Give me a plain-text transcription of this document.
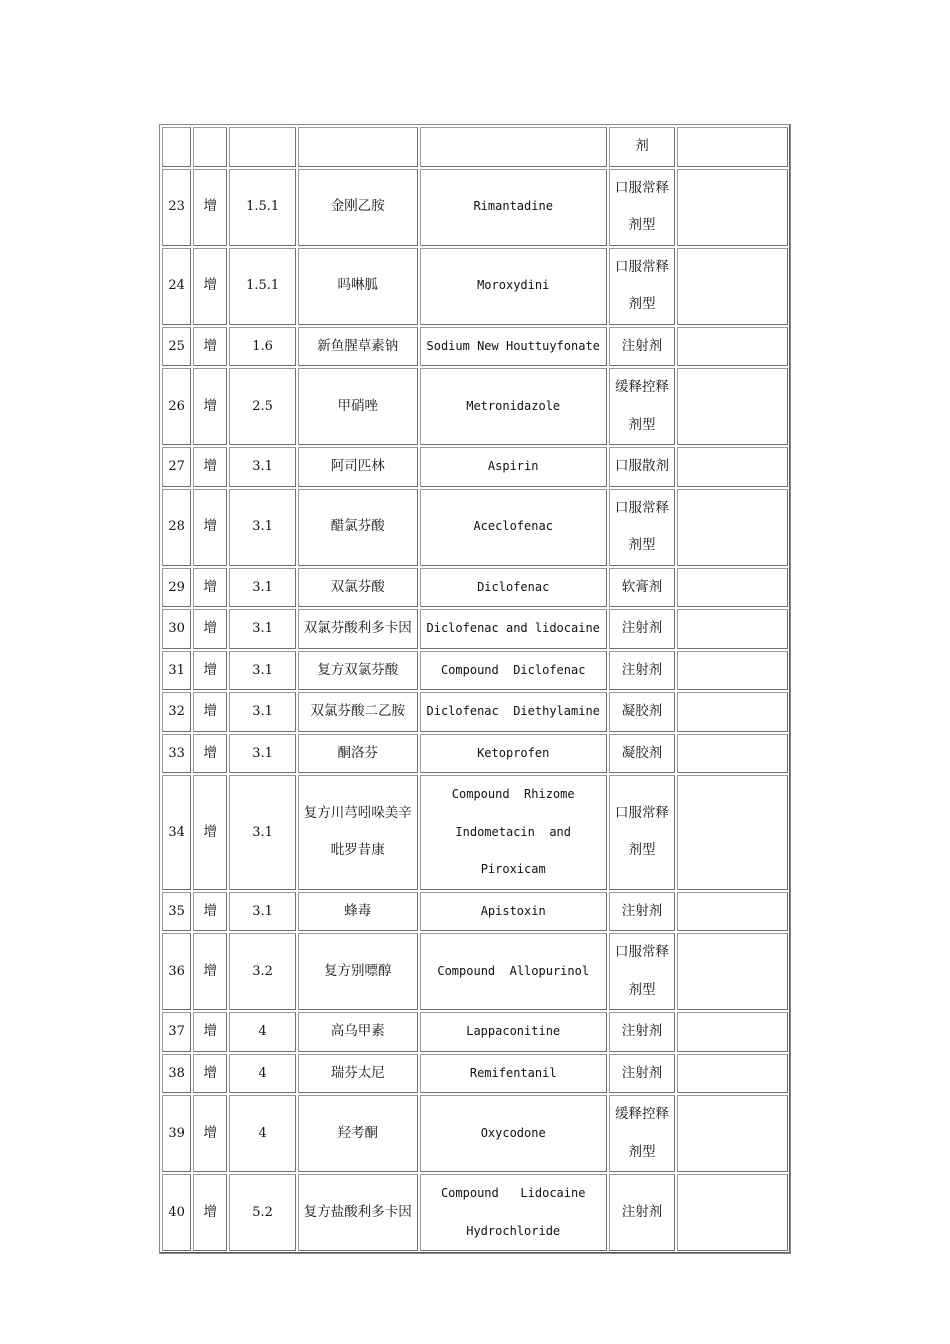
					剂	
23	增	1.5.1	金刚乙胺	Rimantadine	口服常释剂型	
24	增	1.5.1	吗啉胍	Moroxydini	口服常释剂型	
25	增	1.6	新鱼腥草素钠	Sodium New Houttuyfonate	注射剂	
26	增	2.5	甲硝唑	Metronidazole	缓释控释剂型	
27	增	3.1	阿司匹林	Aspirin	口服散剂	
28	增	3.1	醋氯芬酸	Aceclofenac	口服常释剂型	
29	增	3.1	双氯芬酸	Diclofenac	软膏剂	
30	增	3.1	双氯芬酸利多卡因	Diclofenac and lidocaine	注射剂	
31	增	3.1	复方双氯芬酸	Compound  Diclofenac	注射剂	
32	增	3.1	双氯芬酸二乙胺	Diclofenac  Diethylamine	凝胶剂	
33	增	3.1	酮洛芬	Ketoprofen	凝胶剂	
34	增	3.1	复方川芎吲哚美辛吡罗昔康	Compound  Rhizome Indometacin  and Piroxicam	口服常释剂型	
35	增	3.1	蜂毒	Apistoxin	注射剂	
36	增	3.2	复方别嘌醇	Compound  Allopurinol	口服常释剂型	
37	增	4	高乌甲素	Lappaconitine	注射剂	
38	增	4	瑞芬太尼	Remifentanil	注射剂	
39	增	4	羟考酮	Oxycodone	缓释控释剂型	
40	增	5.2	复方盐酸利多卡因	Compound   Lidocaine Hydrochloride	注射剂	
